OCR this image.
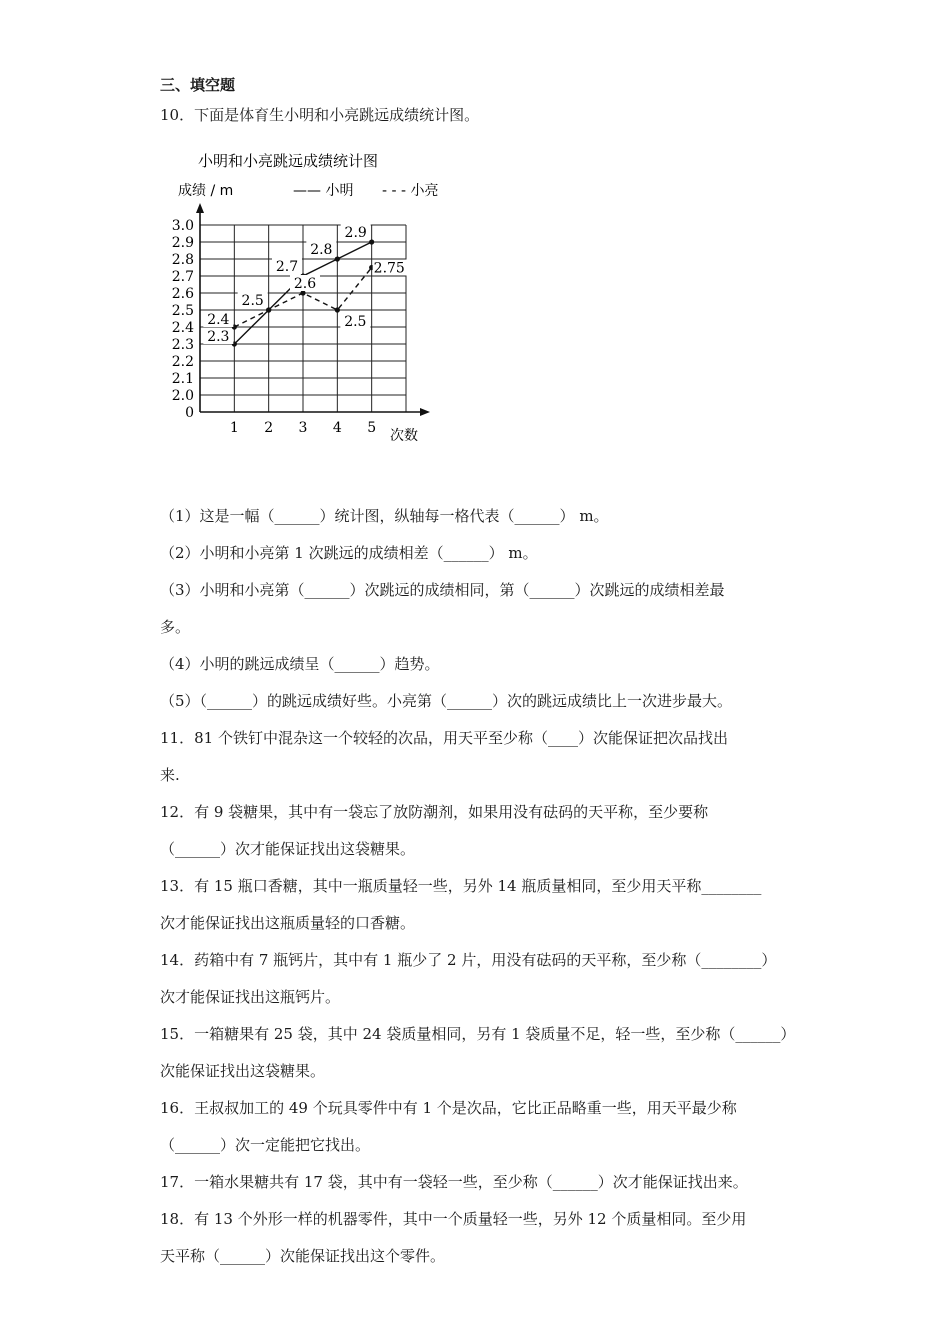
三、填空题
10．下面是体育生小明和小亮跳远成绩统计图。
小明和小亮跳远成绩统计图
成绩 / m	—— 小明 - - - 小亮
次数
0
2.0
2.1
2.2
2.3
2.4
2.5
2.6
2.7
2.8
2.9
3.0
1 2 3 4 5
2.3
2.5
2.7
2.8
2.9
2.4
2.6
2.5
2.75
（1）这是一幅（______）统计图，纵轴每一格代表（______） m。
（2）小明和小亮第 1 次跳远的成绩相差（______） m。
（3）小明和小亮第（______）次跳远的成绩相同，第（______）次跳远的成绩相差最
多。
（4）小明的跳远成绩呈（______）趋势。
（5）（______）的跳远成绩好些。小亮第（______）次的跳远成绩比上一次进步最大。
11．81 个铁钉中混杂这一个较轻的次品，用天平至少称（____）次能保证把次品找出
来.
12．有 9 袋糖果，其中有一袋忘了放防潮剂，如果用没有砝码的天平称，至少要称
（______）次才能保证找出这袋糖果。
13．有 15 瓶口香糖，其中一瓶质量轻一些，另外 14 瓶质量相同，至少用天平称________
次才能保证找出这瓶质量轻的口香糖。
14．药箱中有 7 瓶钙片，其中有 1 瓶少了 2 片，用没有砝码的天平称，至少称（________）
次才能保证找出这瓶钙片。
15．一箱糖果有 25 袋，其中 24 袋质量相同，另有 1 袋质量不足，轻一些，至少称（______）
次能保证找出这袋糖果。
16．王叔叔加工的 49 个玩具零件中有 1 个是次品，它比正品略重一些，用天平最少称
（______）次一定能把它找出。
17．一箱水果糖共有 17 袋，其中有一袋轻一些，至少称（______）次才能保证找出来。
18．有 13 个外形一样的机器零件，其中一个质量轻一些，另外 12 个质量相同。至少用
天平称（______）次能保证找出这个零件。
